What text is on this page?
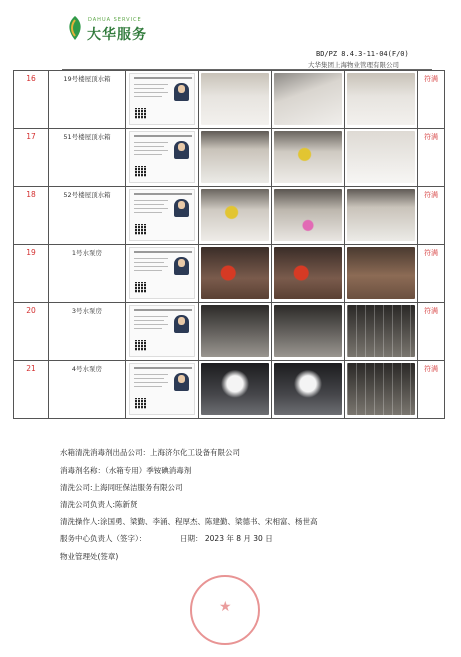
DAHUA SERVICE
大华服务
BD/PZ 8.4.3-11-04(F/0)
大华集团上海物业管理有限公司
16	19号楼屋顶水箱					符满

17	51号楼屋顶水箱					符满

18	52号楼屋顶水箱					符满

19	1号水泵房					符满

20	3号水泵房					符满

21	4号水泵房					符满
水箱清洗消毒剂出品公司：上海济尔化工设备有限公司
消毒剂名称：（水箱专用）季铵碘消毒剂
清洗公司:上海同旺保洁服务有限公司
清洗公司负责人:陈新贤
清洗操作人:涂国勇、梁勤、李涌、程厚杰、陈建勤、梁德书、宋相富、杨世高
服务中心负责人（签字）：	日期： 2023 年 8 月 30 日
物业管理处(签章)
★
